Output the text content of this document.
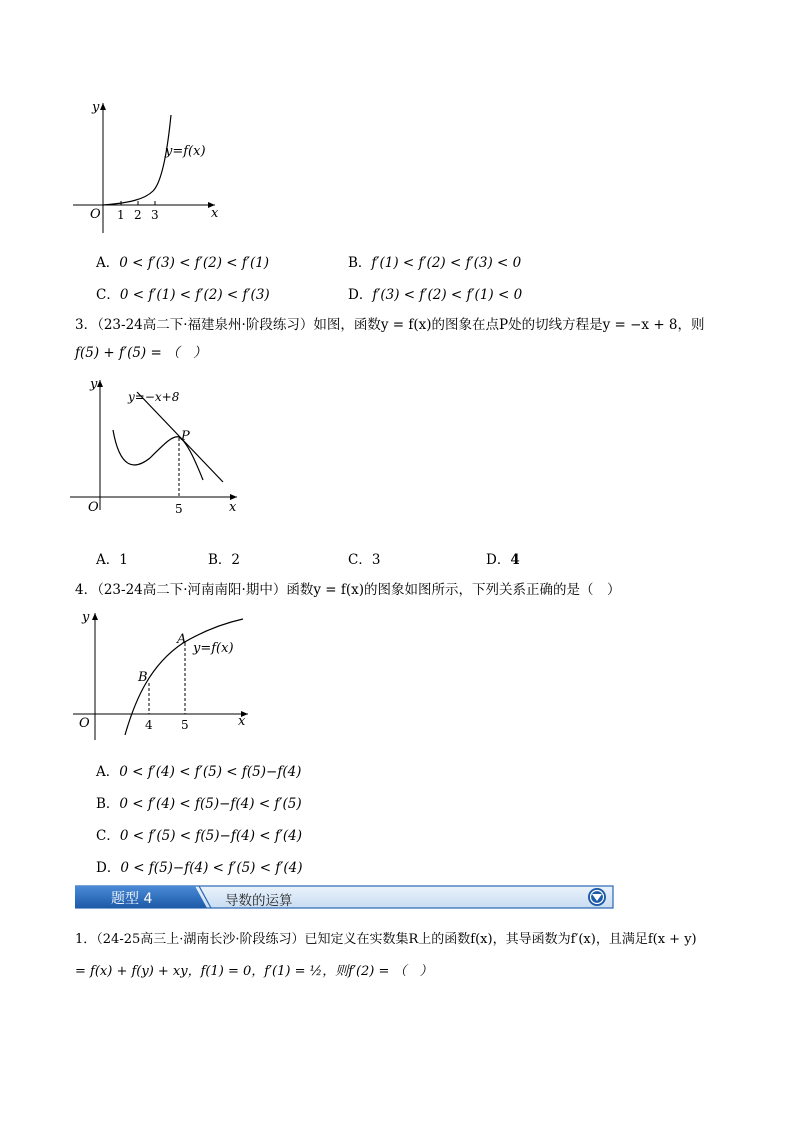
y
x
O 1 2 3
y=f(x)
A．0 < f′(3) < f′(2) < f′(1)	B．f′(1) < f′(2) < f′(3) < 0
C．0 < f′(1) < f′(2) < f′(3)	D．f′(3) < f′(2) < f′(1) < 0
3．（23-24高二下·福建泉州·阶段练习）如图，函数y = f(x)的图象在点P处的切线方程是y = −x + 8，则
f(5) + f′(5) = （　）
y
x
O	5
P
y=−x+8
A．1	B．2	C．3	D．4
4．（23-24高二下·河南南阳·期中）函数y = f(x)的图象如图所示，下列关系正确的是（　）
y
x
O	4 5
B
A
y=f(x)
A．0 < f′(4) < f′(5) < f(5)−f(4)
B．0 < f′(4) < f(5)−f(4) < f′(5)
C．0 < f′(5) < f(5)−f(4) < f′(4)
D．0 < f(5)−f(4) < f′(5) < f′(4)
题型 4	导数的运算
1．（24-25高三上·湖南长沙·阶段练习）已知定义在实数集R上的函数f(x)，其导函数为f′(x)，且满足f(x + y)
= f(x) + f(y) + xy，f(1) = 0，f′(1) = ½，则f′(2) = （　）
